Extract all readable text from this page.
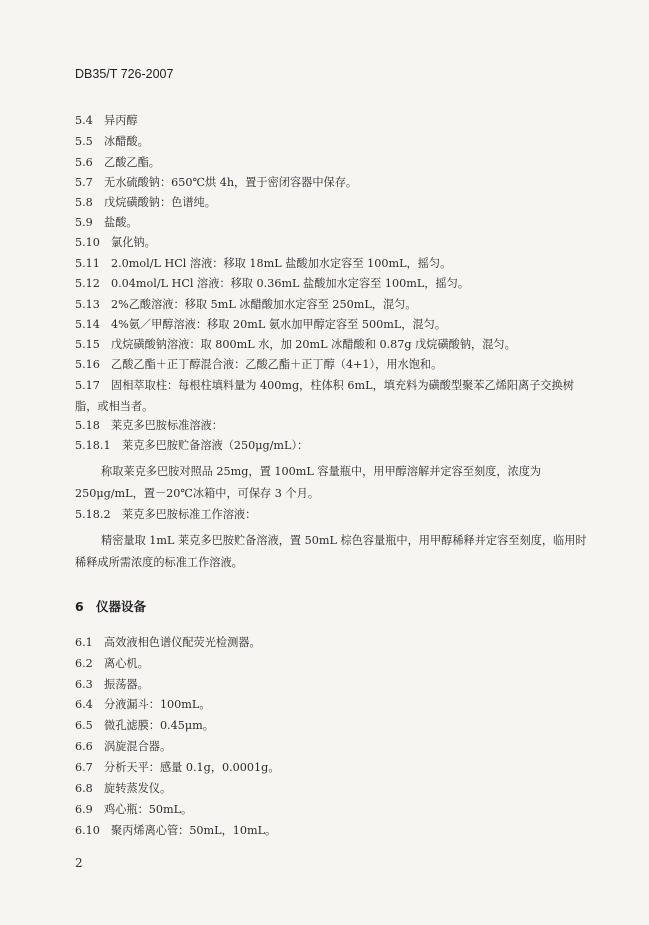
DB35/T 726-2007
5.4 异丙醇
5.5 冰醋酸。
5.6 乙酸乙酯。
5.7 无水硫酸钠：650℃烘 4h，置于密闭容器中保存。
5.8 戊烷磺酸钠：色谱纯。
5.9 盐酸。
5.10 氯化钠。
5.11 2.0mol/L HCl 溶液：移取 18mL 盐酸加水定容至 100mL，摇匀。
5.12 0.04mol/L HCl 溶液：移取 0.36mL 盐酸加水定容至 100mL，摇匀。
5.13 2%乙酸溶液：移取 5mL 冰醋酸加水定容至 250mL，混匀。
5.14 4%氨／甲醇溶液：移取 20mL 氨水加甲醇定容至 500mL，混匀。
5.15 戊烷磺酸钠溶液：取 800mL 水，加 20mL 冰醋酸和 0.87g 戊烷磺酸钠，混匀。
5.16 乙酸乙酯＋正丁醇混合液：乙酸乙酯＋正丁醇（4+1），用水饱和。
5.17 固相萃取柱：每根柱填料量为 400mg，柱体积 6mL，填充料为磺酸型聚苯乙烯阳离子交换树脂，或相当者。
5.18 莱克多巴胺标准溶液：
5.18.1 莱克多巴胺贮备溶液（250μg/mL）：
称取莱克多巴胺对照品 25mg，置 100mL 容量瓶中，用甲醇溶解并定容至刻度，浓度为 250μg/mL，置－20℃冰箱中，可保存 3 个月。
5.18.2 莱克多巴胺标准工作溶液：
精密量取 1mL 莱克多巴胺贮备溶液，置 50mL 棕色容量瓶中，用甲醇稀释并定容至刻度，临用时稀释成所需浓度的标准工作溶液。
6 仪器设备
6.1 高效液相色谱仪配荧光检测器。
6.2 离心机。
6.3 振荡器。
6.4 分液漏斗：100mL。
6.5 微孔滤膜：0.45μm。
6.6 涡旋混合器。
6.7 分析天平：感量 0.1g，0.0001g。
6.8 旋转蒸发仪。
6.9 鸡心瓶：50mL。
6.10 聚丙烯离心管：50mL，10mL。
2
